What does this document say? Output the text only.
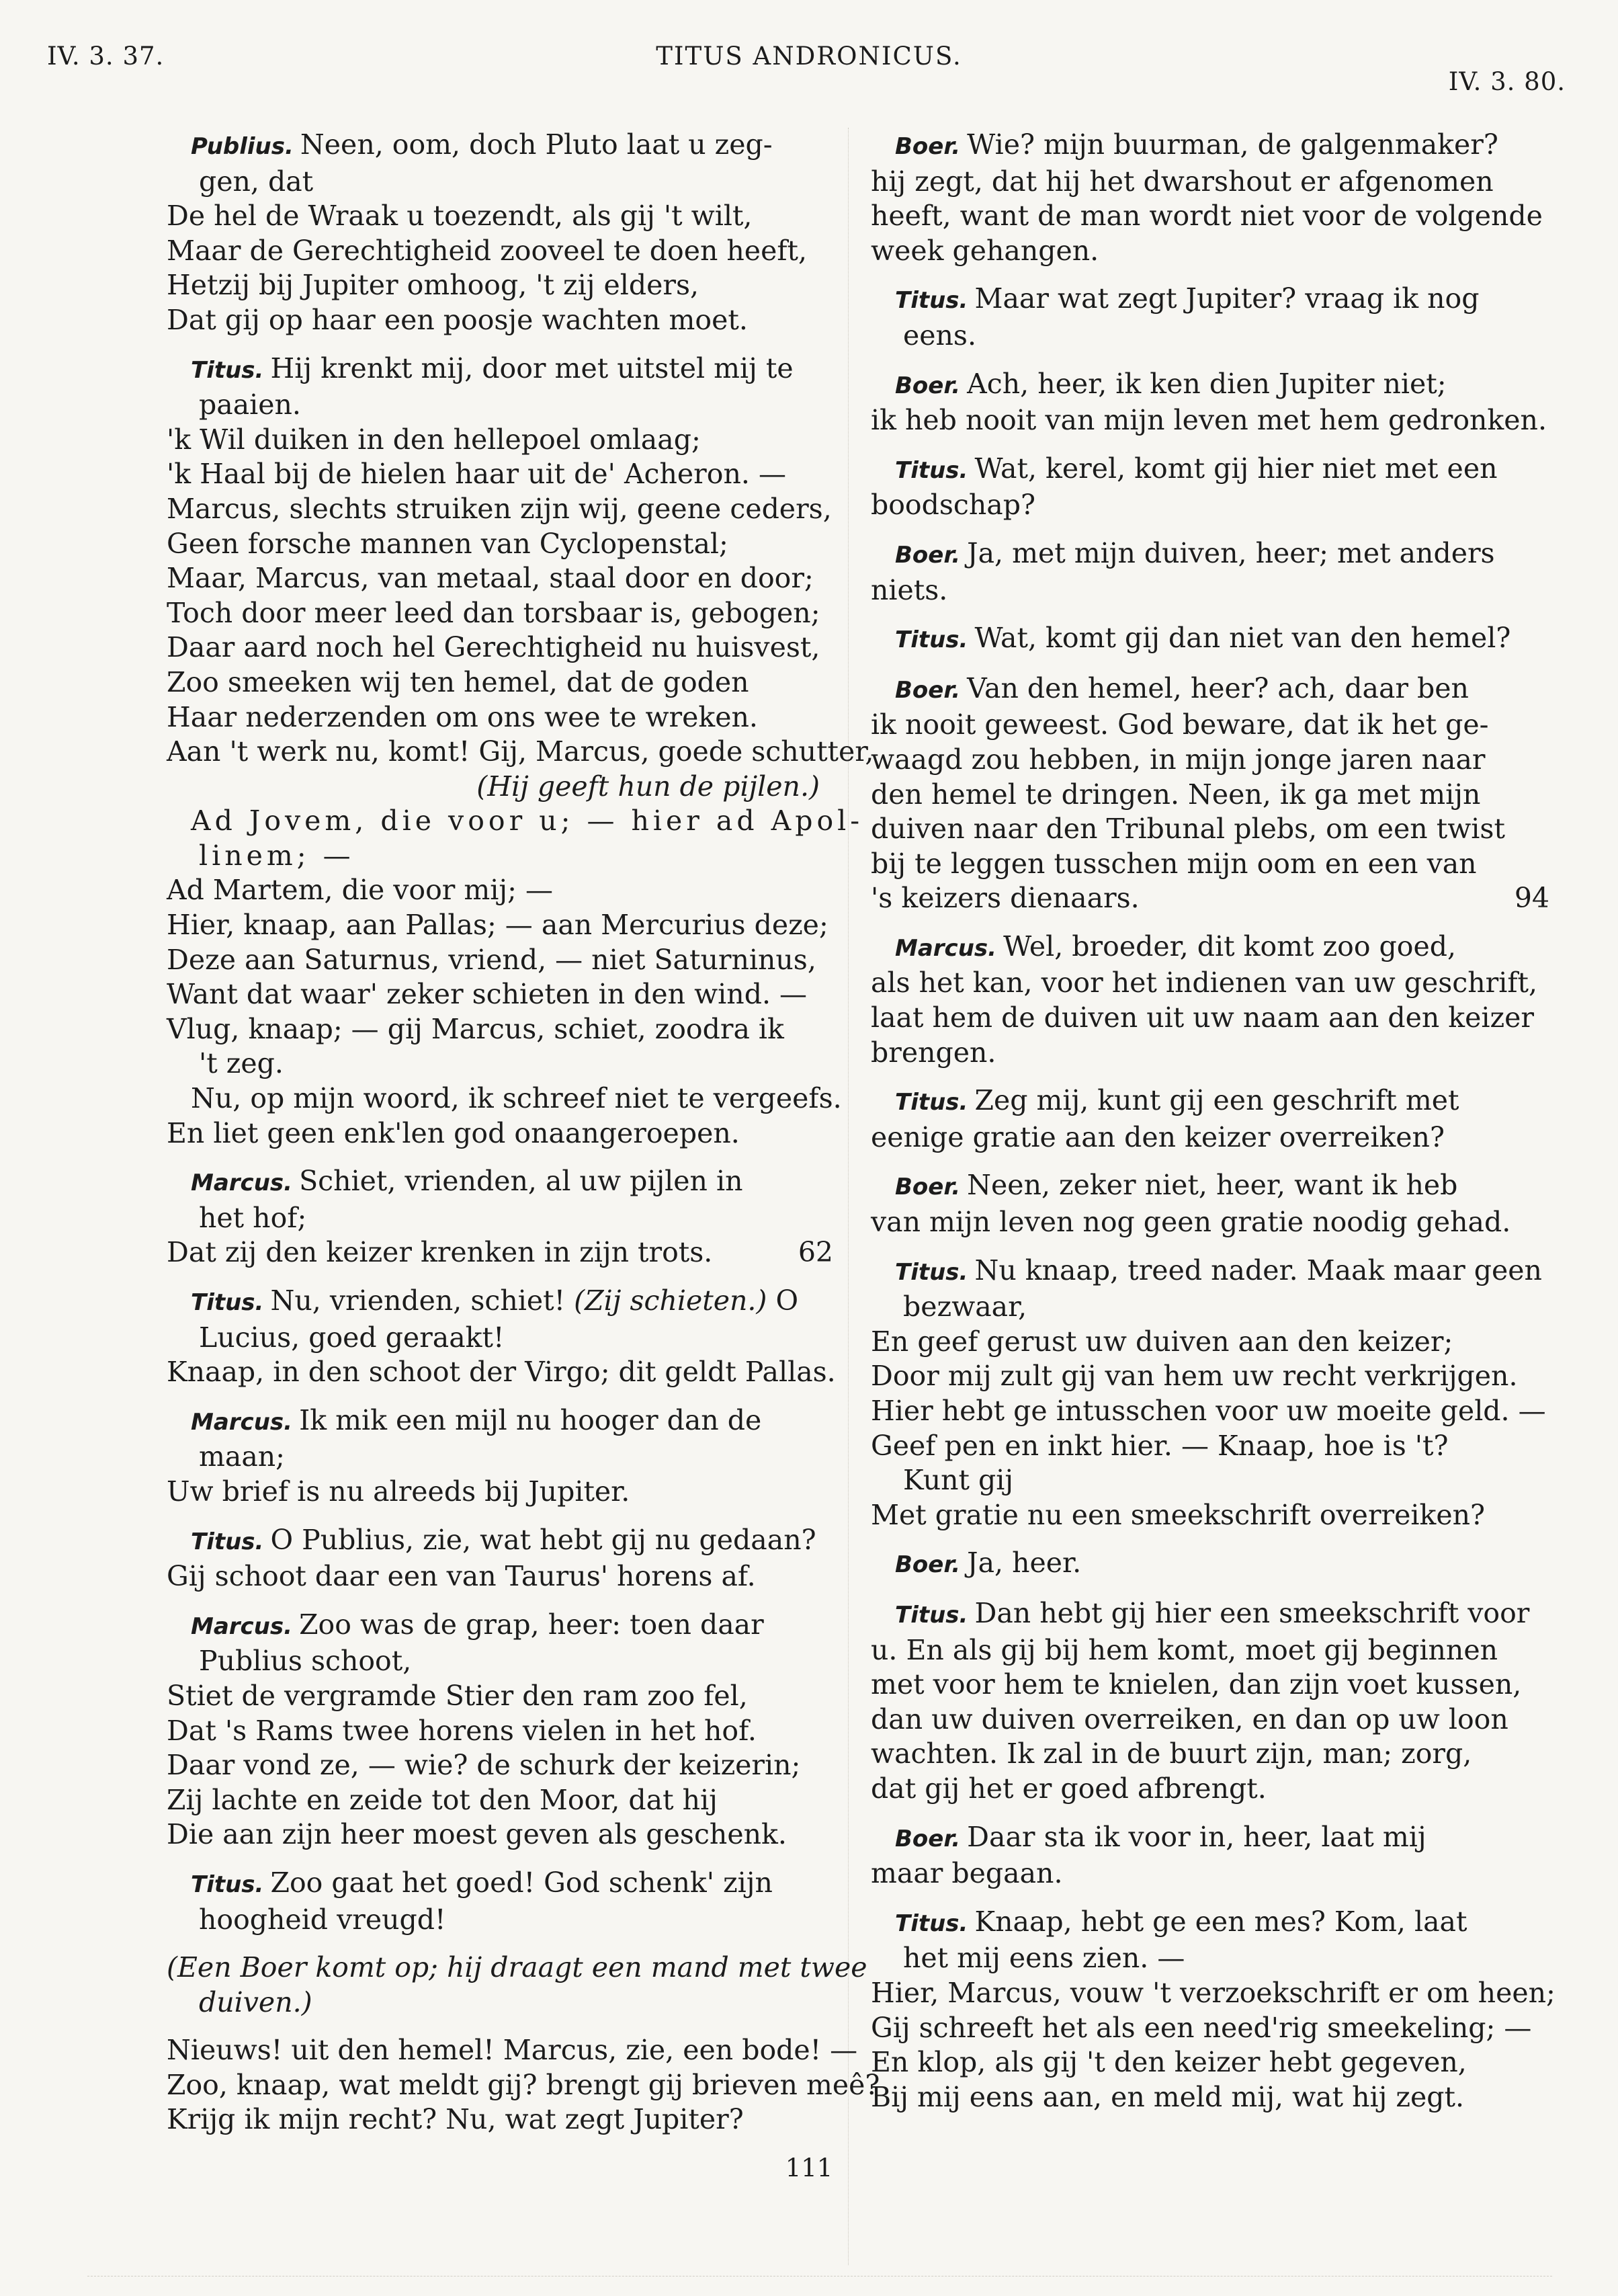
IV. 3. 37.	TITUS ANDRONICUS.
IV. 3. 80.
Publius. Neen, oom, doch Pluto laat u zeg-
gen, dat
De hel de Wraak u toezendt, als gij 't wilt,
Maar de Gerechtigheid zooveel te doen heeft,
Hetzij bij Jupiter omhoog, 't zij elders,
Dat gij op haar een poosje wachten moet.
Titus. Hij krenkt mij, door met uitstel mij te
paaien.
'k Wil duiken in den hellepoel omlaag;
'k Haal bij de hielen haar uit de' Acheron. —
Marcus, slechts struiken zijn wij, geene ceders,
Geen forsche mannen van Cyclopenstal;
Maar, Marcus, van metaal, staal door en door;
Toch door meer leed dan torsbaar is, gebogen;
Daar aard noch hel Gerechtigheid nu huisvest,
Zoo smeeken wij ten hemel, dat de goden
Haar nederzenden om ons wee te wreken.
Aan 't werk nu, komt! Gij, Marcus, goede schutter,
(Hij geeft hun de pijlen.)
Ad Jovem, die voor u; — hier ad Apol-
linem; —
Ad Martem, die voor mij; —
Hier, knaap, aan Pallas; — aan Mercurius deze;
Deze aan Saturnus, vriend, — niet Saturninus,
Want dat waar' zeker schieten in den wind. —
Vlug, knaap; — gij Marcus, schiet, zoodra ik
't zeg.
Nu, op mijn woord, ik schreef niet te vergeefs.
En liet geen enk'len god onaangeroepen.
Marcus. Schiet, vrienden, al uw pijlen in
het hof;
Dat zij den keizer krenken in zijn trots.	62
Titus. Nu, vrienden, schiet! (Zij schieten.) O
Lucius, goed geraakt!
Knaap, in den schoot der Virgo; dit geldt Pallas.
Marcus. Ik mik een mijl nu hooger dan de
maan;
Uw brief is nu alreeds bij Jupiter.
Titus. O Publius, zie, wat hebt gij nu gedaan?
Gij schoot daar een van Taurus' horens af.
Marcus. Zoo was de grap, heer: toen daar
Publius schoot,
Stiet de vergramde Stier den ram zoo fel,
Dat 's Rams twee horens vielen in het hof.
Daar vond ze, — wie? de schurk der keizerin;
Zij lachte en zeide tot den Moor, dat hij
Die aan zijn heer moest geven als geschenk.
Titus. Zoo gaat het goed! God schenk' zijn
hoogheid vreugd!
(Een Boer komt op; hij draagt een mand met twee
duiven.)
Nieuws! uit den hemel! Marcus, zie, een bode! —
Zoo, knaap, wat meldt gij? brengt gij brieven meê?
Krijg ik mijn recht? Nu, wat zegt Jupiter?
Boer. Wie? mijn buurman, de galgenmaker?
hij zegt, dat hij het dwarshout er afgenomen
heeft, want de man wordt niet voor de volgende
week gehangen.
Titus. Maar wat zegt Jupiter? vraag ik nog
eens.
Boer. Ach, heer, ik ken dien Jupiter niet;
ik heb nooit van mijn leven met hem gedronken.
Titus. Wat, kerel, komt gij hier niet met een
boodschap?
Boer. Ja, met mijn duiven, heer; met anders
niets.
Titus. Wat, komt gij dan niet van den hemel?
Boer. Van den hemel, heer? ach, daar ben
ik nooit geweest. God beware, dat ik het ge-
waagd zou hebben, in mijn jonge jaren naar
den hemel te dringen. Neen, ik ga met mijn
duiven naar den Tribunal plebs, om een twist
bij te leggen tusschen mijn oom en een van
's keizers dienaars.	94
Marcus. Wel, broeder, dit komt zoo goed,
als het kan, voor het indienen van uw geschrift,
laat hem de duiven uit uw naam aan den keizer
brengen.
Titus. Zeg mij, kunt gij een geschrift met
eenige gratie aan den keizer overreiken?
Boer. Neen, zeker niet, heer, want ik heb
van mijn leven nog geen gratie noodig gehad.
Titus. Nu knaap, treed nader. Maak maar geen
bezwaar,
En geef gerust uw duiven aan den keizer;
Door mij zult gij van hem uw recht verkrijgen.
Hier hebt ge intusschen voor uw moeite geld. —
Geef pen en inkt hier. — Knaap, hoe is 't?
Kunt gij
Met gratie nu een smeekschrift overreiken?
Boer. Ja, heer.
Titus. Dan hebt gij hier een smeekschrift voor
u. En als gij bij hem komt, moet gij beginnen
met voor hem te knielen, dan zijn voet kussen,
dan uw duiven overreiken, en dan op uw loon
wachten. Ik zal in de buurt zijn, man; zorg,
dat gij het er goed afbrengt.
Boer. Daar sta ik voor in, heer, laat mij
maar begaan.
Titus. Knaap, hebt ge een mes? Kom, laat
het mij eens zien. —
Hier, Marcus, vouw 't verzoekschrift er om heen;
Gij schreeft het als een need'rig smeekeling; —
En klop, als gij 't den keizer hebt gegeven,
Bij mij eens aan, en meld mij, wat hij zegt.
111
